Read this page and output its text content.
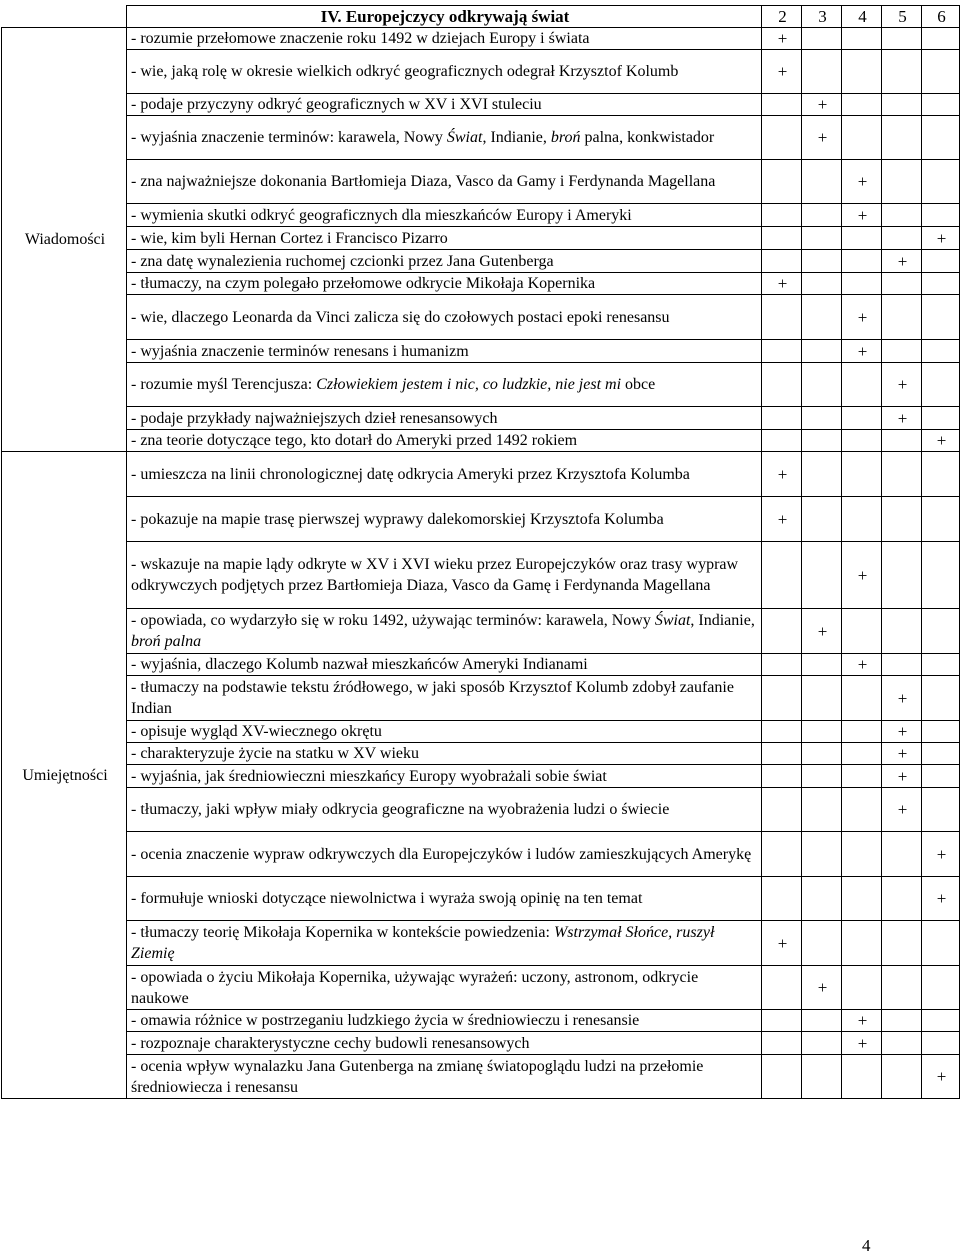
	IV. Europejczycy odkrywają świat	2	3	4	5	6
Wiadomości	- rozumie przełomowe znaczenie roku 1492 w dziejach Europy i świata	+				
	- wie, jaką rolę w okresie wielkich odkryć geograficznych odegrał Krzysztof Kolumb	+				
	- podaje przyczyny odkryć geograficznych w XV i XVI stuleciu		+			
	- wyjaśnia znaczenie terminów: karawela, Nowy Świat, Indianie, broń palna, konkwistador		+			
	- zna najważniejsze dokonania Bartłomieja Diaza, Vasco da Gamy i Ferdynanda Magellana			+		
	- wymienia skutki odkryć geograficznych dla mieszkańców Europy i Ameryki			+		
	- wie, kim byli Hernan Cortez i Francisco Pizarro					+
	- zna datę wynalezienia ruchomej czcionki przez Jana Gutenberga				+	
	- tłumaczy, na czym polegało przełomowe odkrycie Mikołaja Kopernika	+				
	- wie, dlaczego Leonarda da Vinci zalicza się do czołowych postaci epoki renesansu			+		
	- wyjaśnia znaczenie terminów renesans i humanizm			+		
	- rozumie myśl Terencjusza: Człowiekiem jestem i nic, co ludzkie, nie jest mi obce				+	
	- podaje przykłady najważniejszych dzieł renesansowych				+	
	- zna teorie dotyczące tego, kto dotarł do Ameryki przed 1492 rokiem					+
Umiejętności	- umieszcza na linii chronologicznej datę odkrycia Ameryki przez Krzysztofa Kolumba	+				
	- pokazuje na mapie trasę pierwszej wyprawy dalekomorskiej Krzysztofa Kolumba	+				
	- wskazuje na mapie lądy odkryte w XV i XVI wieku przez Europejczyków oraz trasy wypraw odkrywczych podjętych przez Bartłomieja Diaza, Vasco da Gamę i Ferdynanda Magellana			+		
	- opowiada, co wydarzyło się w roku 1492, używając terminów: karawela, Nowy Świat, Indianie, broń palna		+			
	- wyjaśnia, dlaczego Kolumb nazwał mieszkańców Ameryki Indianami			+		
	- tłumaczy na podstawie tekstu źródłowego, w jaki sposób Krzysztof Kolumb zdobył zaufanie Indian				+	
	- opisuje wygląd XV-wiecznego okrętu				+	
	- charakteryzuje życie na statku w XV wieku				+	
	- wyjaśnia, jak średniowieczni mieszkańcy Europy wyobrażali sobie świat				+	
	- tłumaczy, jaki wpływ miały odkrycia geograficzne na wyobrażenia ludzi o świecie				+	
	- ocenia znaczenie wypraw odkrywczych dla Europejczyków i ludów zamieszkujących Amerykę					+
	- formułuje wnioski dotyczące niewolnictwa i wyraża swoją opinię na ten temat					+
	- tłumaczy teorię Mikołaja Kopernika w kontekście powiedzenia: Wstrzymał Słońce, ruszył Ziemię	+				
	- opowiada o życiu Mikołaja Kopernika, używając wyrażeń: uczony, astronom, odkrycie naukowe		+			
	- omawia różnice w postrzeganiu ludzkiego życia w średniowieczu i renesansie			+		
	- rozpoznaje charakterystyczne cechy budowli renesansowych			+		
	- ocenia wpływ wynalazku Jana Gutenberga na zmianę światopoglądu ludzi na przełomie średniowiecza i renesansu					+
4
